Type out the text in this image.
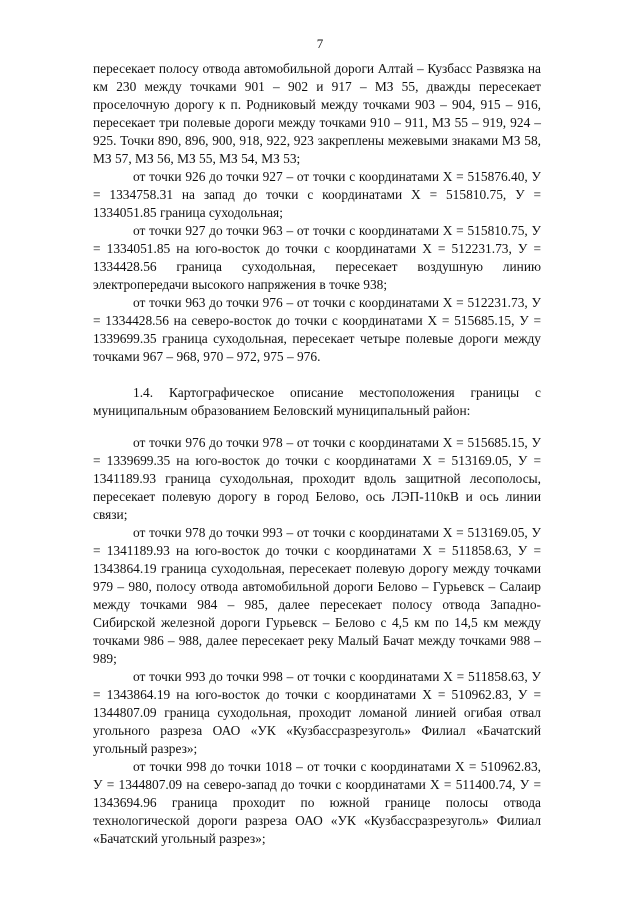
7

пересекает полосу отвода автомобильной дороги Алтай – Кузбасс Развязка на км 230 между точками 901 – 902 и 917 – МЗ 55, дважды пересекает проселочную дорогу к п. Родниковый между точками 903 – 904, 915 – 916, пересекает три полевые дороги между точками 910 – 911, МЗ 55 – 919, 924 – 925. Точки 890, 896, 900, 918, 922, 923 закреплены межевыми знаками МЗ 58, МЗ 57, МЗ 56, МЗ 55, МЗ 54, МЗ 53;

от точки 926 до точки 927 – от точки с координатами Х = 515876.40, У = 1334758.31 на запад до точки с координатами Х = 515810.75, У = 1334051.85 граница суходольная;

от точки 927 до точки 963 – от точки с координатами Х = 515810.75, У = 1334051.85 на юго-восток до точки с координатами Х = 512231.73, У = 1334428.56 граница суходольная, пересекает воздушную линию электропередачи высокого напряжения в точке 938;

от точки 963 до точки 976 – от точки с координатами Х = 512231.73, У = 1334428.56 на северо-восток до точки с координатами Х = 515685.15, У = 1339699.35 граница суходольная, пересекает четыре полевые дороги между точками 967 – 968, 970 – 972, 975 – 976.

1.4. Картографическое описание местоположения границы с муниципальным образованием Беловский муниципальный район:

от точки 976 до точки 978 – от точки с координатами Х = 515685.15, У = 1339699.35 на юго-восток до точки с координатами Х = 513169.05, У = 1341189.93 граница суходольная, проходит вдоль защитной лесополосы, пересекает полевую дорогу в город Белово, ось ЛЭП-110кВ и ось линии связи;

от точки 978 до точки 993 – от точки с координатами Х = 513169.05, У = 1341189.93 на юго-восток до точки с координатами Х = 511858.63, У = 1343864.19 граница суходольная, пересекает полевую дорогу между точками 979 – 980, полосу отвода автомобильной дороги Белово – Гурьевск – Салаир между точками 984 – 985, далее пересекает полосу отвода Западно-Сибирской железной дороги Гурьевск – Белово с 4,5 км по 14,5 км между точками 986 – 988, далее пересекает реку Малый Бачат между точками 988 – 989;

от точки 993 до точки 998 – от точки с координатами Х = 511858.63, У = 1343864.19 на юго-восток до точки с координатами Х = 510962.83, У = 1344807.09 граница суходольная, проходит ломаной линией огибая отвал угольного разреза ОАО «УК «Кузбассразрезуголь» Филиал «Бачатский угольный разрез»;

от точки 998 до точки 1018 – от точки с координатами Х = 510962.83, У = 1344807.09 на северо-запад до точки с координатами Х = 511400.74, У = 1343694.96 граница проходит по южной границе полосы отвода технологической дороги разреза ОАО «УК «Кузбассразрезуголь» Филиал «Бачатский угольный разрез»;
